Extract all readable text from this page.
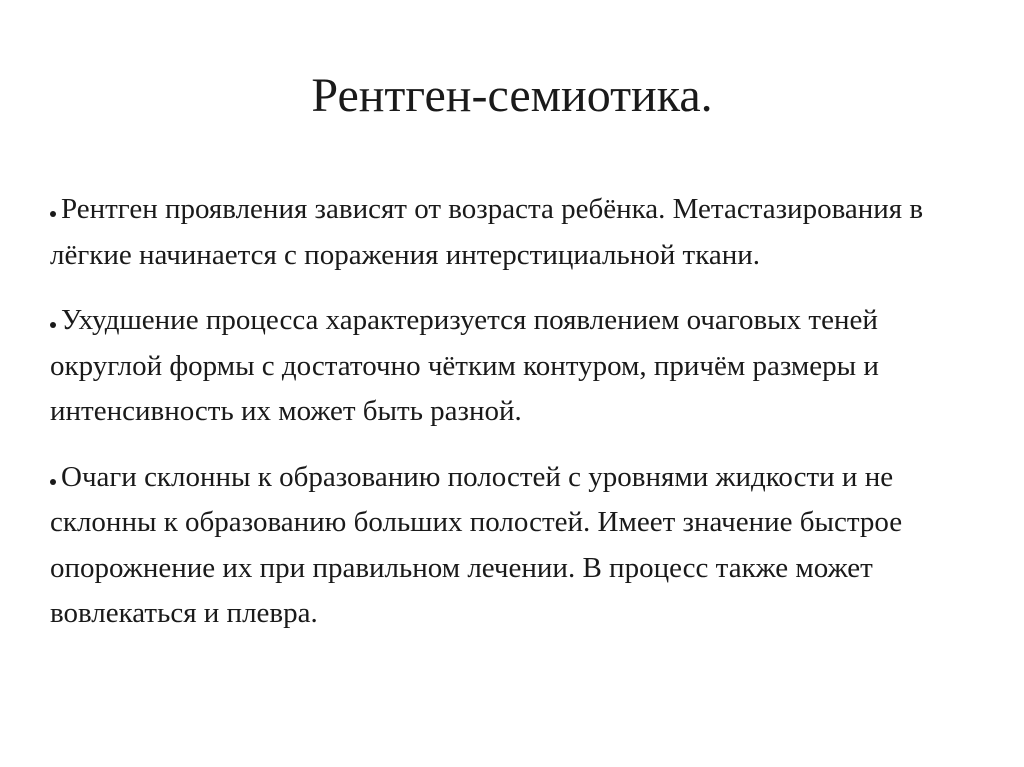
Рентген-семиотика.
Рентген проявления зависят от возраста ребёнка. Метастазирования в лёгкие начинается с поражения интерстициальной ткани.
Ухудшение процесса характеризуется появлением очаговых теней округлой формы с достаточно чётким контуром, причём размеры и интенсивность их может быть разной.
Очаги склонны к образованию полостей с уровнями жидкости и не склонны к образованию больших полостей. Имеет значение быстрое опорожнение их при правильном лечении. В процесс также может вовлекаться и плевра.
